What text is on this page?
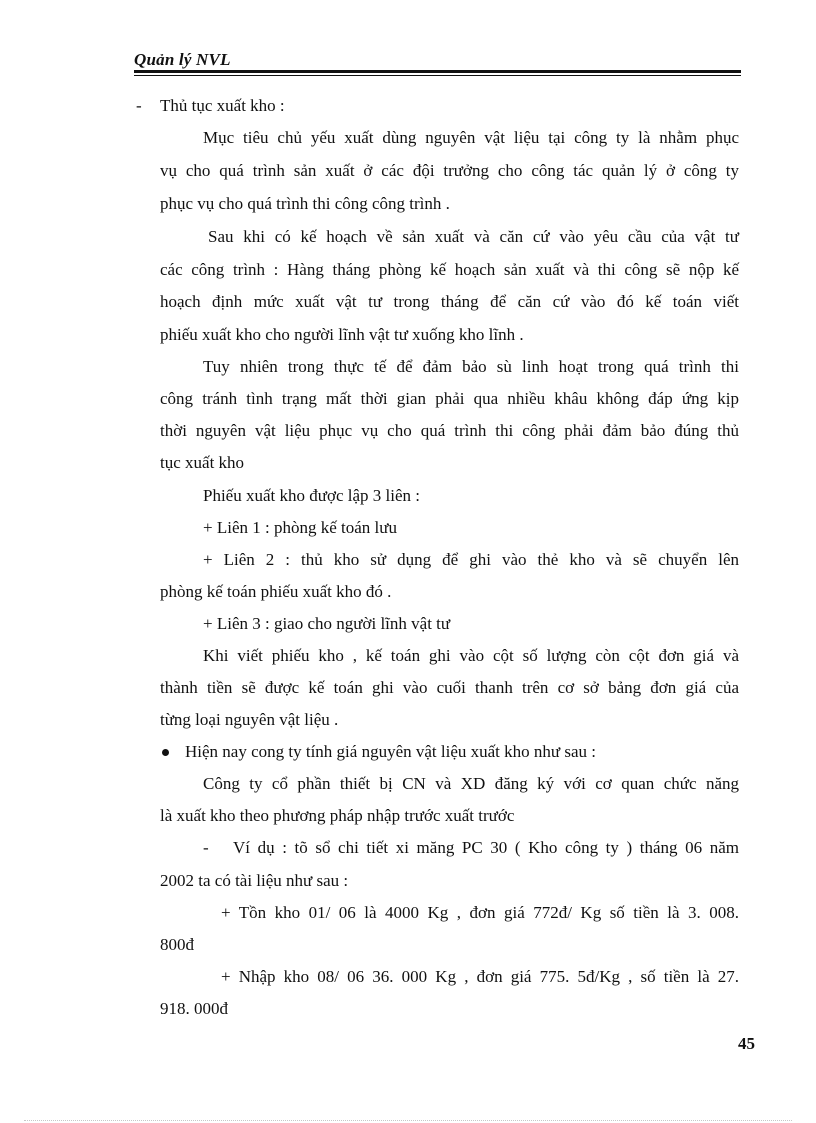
Quản lý NVL
- Thủ tục xuất kho :
Mục tiêu chủ yếu xuất dùng nguyên vật liệu tại công ty là nhằm phục
vụ cho quá trình sản xuất ở các đội trưởng cho công tác quản lý ở công ty
phục vụ cho quá trình thi công công trình .
Sau khi có kế hoạch về sản xuất và căn cứ vào yêu cầu của vật tư
các công trình : Hàng tháng phòng kế hoạch sản xuất và thi công sẽ nộp kế
hoạch định mức xuất vật tư trong tháng để căn cứ vào đó kế toán viết
phiếu xuất kho cho người lĩnh vật tư xuống kho lĩnh .
Tuy nhiên trong thực tế để đảm bảo sù linh hoạt trong quá trình thi
công tránh tình trạng mất thời gian phải qua nhiều khâu không đáp ứng kịp
thời nguyên vật liệu phục vụ cho quá trình thi công phải đảm bảo đúng thủ
tục xuất kho
Phiếu xuất kho được lập 3 liên :
+ Liên 1 : phòng kế toán lưu
+ Liên 2 : thủ kho sử dụng để ghi vào thẻ kho và sẽ chuyển lên
phòng kế toán phiếu xuất kho đó .
+ Liên 3 : giao cho người lĩnh vật tư
Khi viết phiếu kho , kế toán ghi vào cột số lượng còn cột đơn giá và
thành tiền sẽ được kế toán ghi vào cuối thanh trên cơ sở bảng đơn giá của
từng loại nguyên vật liệu .
Hiện nay cong ty tính giá nguyên vật liệu xuất kho như sau :
Công ty cổ phần thiết bị CN và XD đăng ký với cơ quan chức năng
là xuất kho theo phương pháp nhập trước xuất trước
- Ví dụ : tõ sổ chi tiết xi măng PC 30 ( Kho công ty ) tháng 06 năm
2002 ta có tài liệu như sau :
+ Tồn kho 01/ 06 là 4000 Kg , đơn giá 772đ/ Kg số tiền là 3. 008.
800đ
+ Nhập kho 08/ 06 36. 000 Kg , đơn giá 775. 5đ/Kg , số tiền là 27.
918. 000đ
45
